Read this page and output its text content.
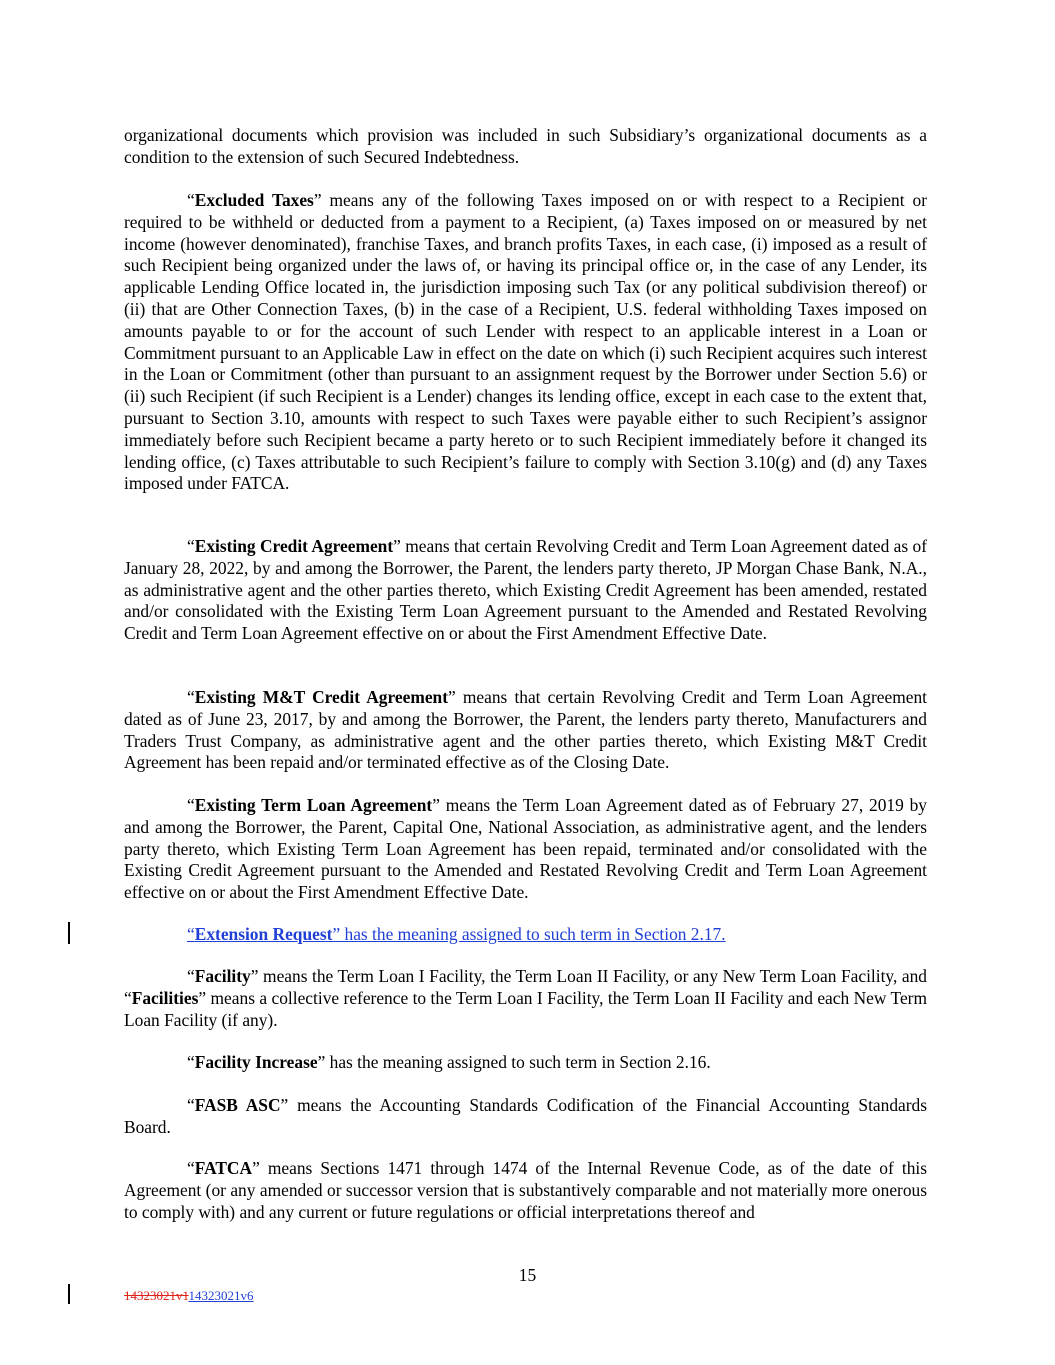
organizational documents which provision was included in such Subsidiary’s organizational documents as a condition to the extension of such Secured Indebtedness.

“Excluded Taxes” means any of the following Taxes imposed on or with respect to a Recipient or required to be withheld or deducted from a payment to a Recipient, (a) Taxes imposed on or measured by net income (however denominated), franchise Taxes, and branch profits Taxes, in each case, (i) imposed as a result of such Recipient being organized under the laws of, or having its principal office or, in the case of any Lender, its applicable Lending Office located in, the jurisdiction imposing such Tax (or any political subdivision thereof) or (ii) that are Other Connection Taxes, (b) in the case of a Recipient, U.S. federal withholding Taxes imposed on amounts payable to or for the account of such Lender with respect to an applicable interest in a Loan or Commitment pursuant to an Applicable Law in effect on the date on which (i) such Recipient acquires such interest in the Loan or Commitment (other than pursuant to an assignment request by the Borrower under Section 5.6) or (ii) such Recipient (if such Recipient is a Lender) changes its lending office, except in each case to the extent that, pursuant to Section 3.10, amounts with respect to such Taxes were payable either to such Recipient’s assignor immediately before such Recipient became a party hereto or to such Recipient immediately before it changed its lending office, (c) Taxes attributable to such Recipient’s failure to comply with Section 3.10(g) and (d) any Taxes imposed under FATCA.

“Existing Credit Agreement” means that certain Revolving Credit and Term Loan Agreement dated as of January 28, 2022, by and among the Borrower, the Parent, the lenders party thereto, JP Morgan Chase Bank, N.A., as administrative agent and the other parties thereto, which Existing Credit Agreement has been amended, restated and/or consolidated with the Existing Term Loan Agreement pursuant to the Amended and Restated Revolving Credit and Term Loan Agreement effective on or about the First Amendment Effective Date.

“Existing M&T Credit Agreement” means that certain Revolving Credit and Term Loan Agreement dated as of June 23, 2017, by and among the Borrower, the Parent, the lenders party thereto, Manufacturers and Traders Trust Company, as administrative agent and the other parties thereto, which Existing M&T Credit Agreement has been repaid and/or terminated effective as of the Closing Date.

“Existing Term Loan Agreement” means the Term Loan Agreement dated as of February 27, 2019 by and among the Borrower, the Parent, Capital One, National Association, as administrative agent, and the lenders party thereto, which Existing Term Loan Agreement has been repaid, terminated and/or consolidated with the Existing Credit Agreement pursuant to the Amended and Restated Revolving Credit and Term Loan Agreement effective on or about the First Amendment Effective Date.

“Extension Request” has the meaning assigned to such term in Section 2.17.

“Facility” means the Term Loan I Facility, the Term Loan II Facility, or any New Term Loan Facility, and “Facilities” means a collective reference to the Term Loan I Facility, the Term Loan II Facility and each New Term Loan Facility (if any).

“Facility Increase” has the meaning assigned to such term in Section 2.16.

“FASB ASC” means the Accounting Standards Codification of the Financial Accounting Standards Board.

“FATCA” means Sections 1471 through 1474 of the Internal Revenue Code, as of the date of this Agreement (or any amended or successor version that is substantively comparable and not materially more onerous to comply with) and any current or future regulations or official interpretations thereof and

15
14323021v114323021v6
